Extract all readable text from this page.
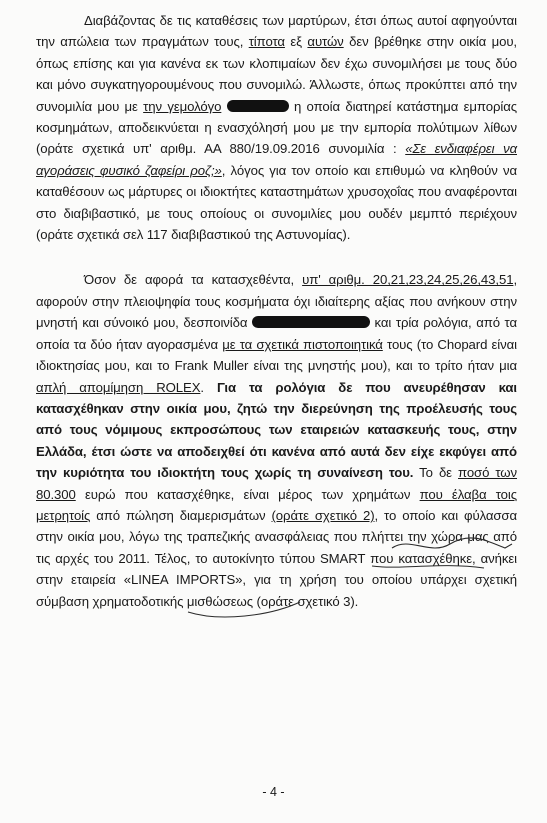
Διαβάζοντας δε τις καταθέσεις των μαρτύρων, έτσι όπως αυτοί αφηγούνται την απώλεια των πραγμάτων τους, τίποτα εξ αυτών δεν βρέθηκε στην οικία μου, όπως επίσης και για κανένα εκ των κλοπιμαίων δεν έχω συνομιλήσει με τους δύο και μόνο συγκατηγορουμένους που συνομιλώ. Άλλωστε, όπως προκύπτει από την συνομιλία μου με την γεμολόγο	η οποία διατηρεί κατάστημα εμπορίας κοσμημάτων, αποδεικνύεται η ενασχόλησή μου με την εμπορία πολύτιμων λίθων (οράτε σχετικά υπ' αριθμ. ΑΑ 880/19.09.2016 συνομιλία : «Σε ενδιαφέρει να αγοράσεις φυσικό ζαφείρι ροζ;», λόγος για τον οποίο και επιθυμώ να κληθούν να καταθέσουν ως μάρτυρες οι ιδιοκτήτες καταστημάτων χρυσοχοΐας που αναφέρονται στο διαβιβαστικό, με τους οποίους οι συνομιλίες μου ουδέν μεμπτό περιέχουν (οράτε σχετικά σελ 117 διαβιβαστικού της Αστυνομίας).

Όσον δε αφορά τα κατασχεθέντα, υπ' αριθμ. 20,21,23,24,25,26,43,51, αφορούν στην πλειοψηφία τους κοσμήματα όχι ιδιαίτερης αξίας που ανήκουν στην μνηστή και σύνοικό μου, δεσποινίδα	και τρία ρολόγια, από τα οποία τα δύο ήταν αγορασμένα με τα σχετικά πιστοποιητικά τους (το Chopard είναι ιδιοκτησίας μου, και το Frank Muller είναι της μνηστής μου), και το τρίτο ήταν μια απλή απομίμηση ROLEX. Για τα ρολόγια δε που ανευρέθησαν και κατασχέθηκαν στην οικία μου, ζητώ την διερεύνηση της προέλευσής τους από τους νόμιμους εκπροσώπους των εταιρειών κατασκευής τους, στην Ελλάδα, έτσι ώστε να αποδειχθεί ότι κανένα από αυτά δεν είχε εκφύγει από την κυριότητα του ιδιοκτήτη τους χωρίς τη συναίνεση του. Το δε ποσό των 80.300 ευρώ που κατασχέθηκε, είναι μέρος των χρημάτων που έλαβα τοις μετρητοίς από πώληση διαμερισμάτων (οράτε σχετικό 2), το οποίο και φύλασσα στην οικία μου, λόγω της τραπεζικής ανασφάλειας που πλήττει την χώρα μας από τις αρχές του 2011. Τέλος, το αυτοκίνητο τύπου SMART που κατασχέθηκε, ανήκει στην εταιρεία «LINEA IMPORTS», για τη χρήση του οποίου υπάρχει σχετική σύμβαση χρηματοδοτικής μισθώσεως (οράτε σχετικό 3).

- 4 -
